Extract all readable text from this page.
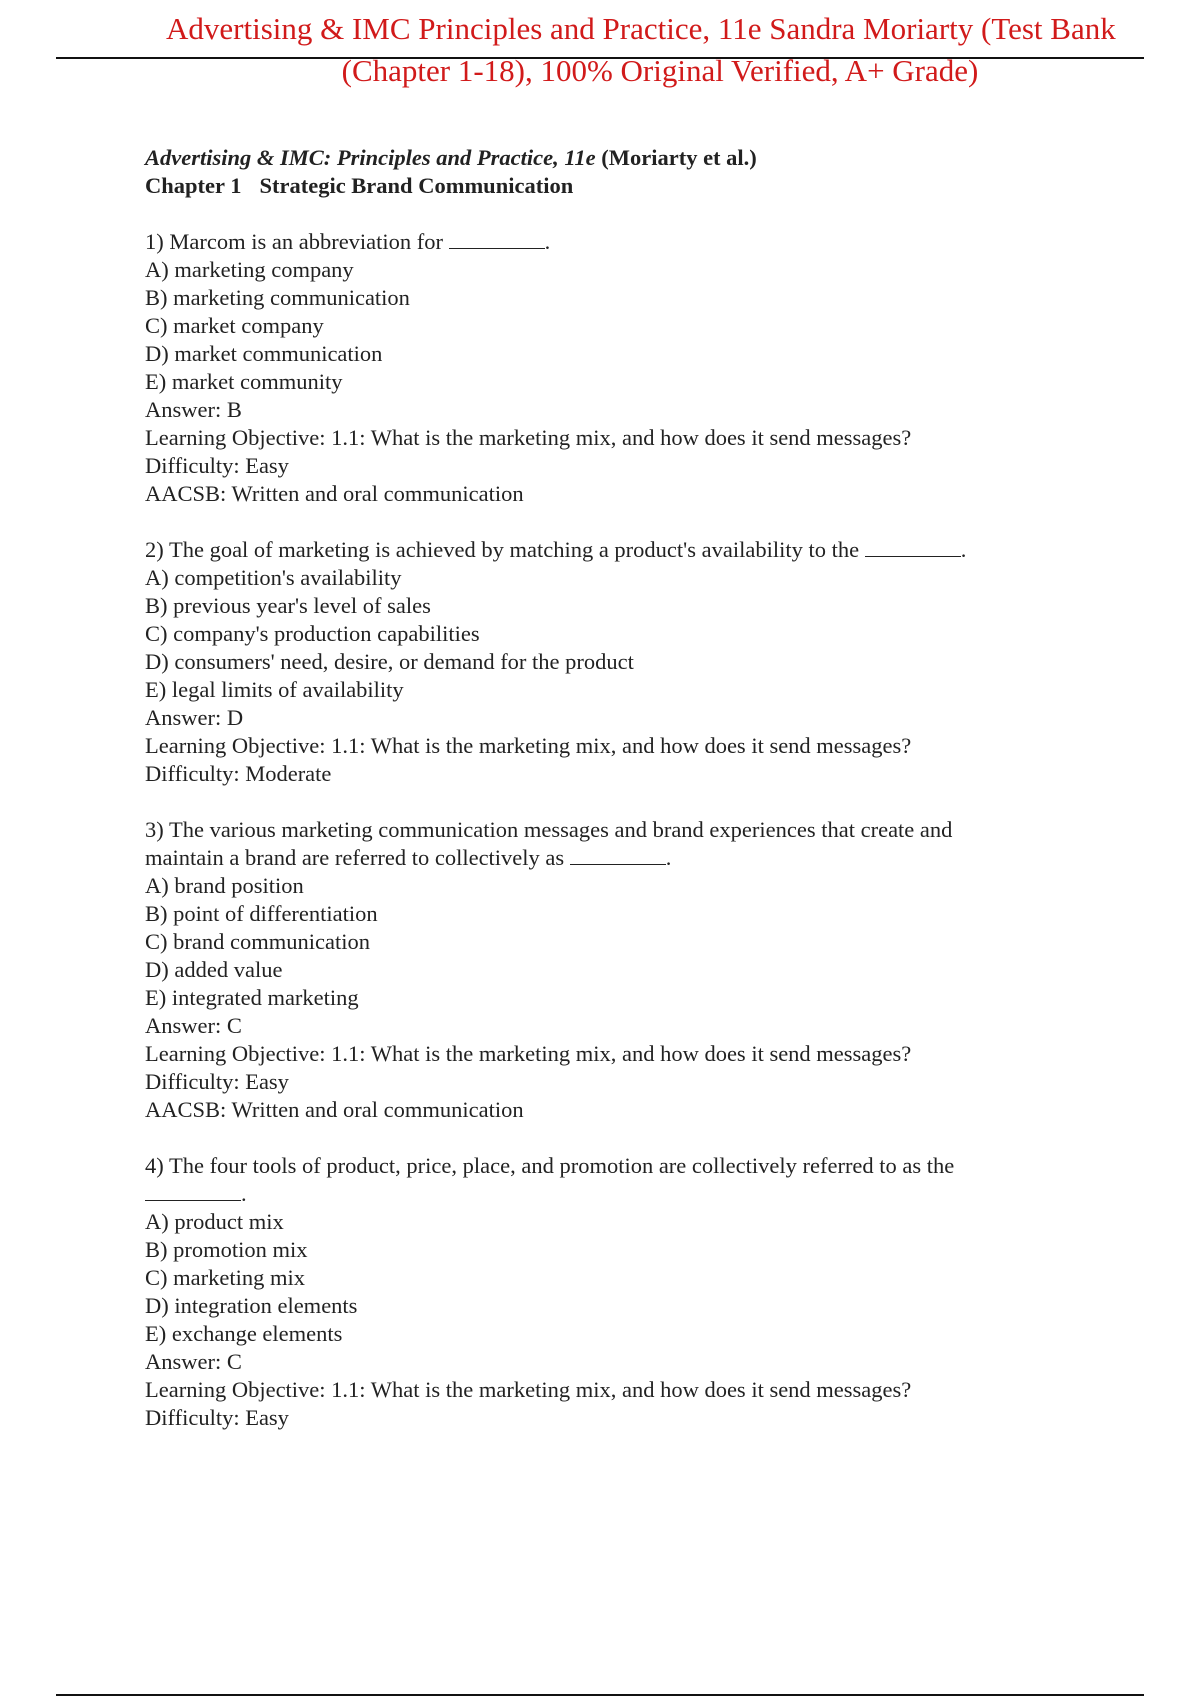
Advertising & IMC Principles and Practice, 11e Sandra Moriarty (Test Bank
(Chapter 1-18), 100% Original Verified, A+ Grade)
Advertising & IMC: Principles and Practice, 11e (Moriarty et al.)
Chapter 1 Strategic Brand Communication
1) Marcom is an abbreviation for	.
A) marketing company
B) marketing communication
C) market company
D) market communication
E) market community
Answer: B
Learning Objective: 1.1: What is the marketing mix, and how does it send messages?
Difficulty: Easy
AACSB: Written and oral communication
2) The goal of marketing is achieved by matching a product's availability to the	.
A) competition's availability
B) previous year's level of sales
C) company's production capabilities
D) consumers' need, desire, or demand for the product
E) legal limits of availability
Answer: D
Learning Objective: 1.1: What is the marketing mix, and how does it send messages?
Difficulty: Moderate
3) The various marketing communication messages and brand experiences that create and
maintain a brand are referred to collectively as	.
A) brand position
B) point of differentiation
C) brand communication
D) added value
E) integrated marketing
Answer: C
Learning Objective: 1.1: What is the marketing mix, and how does it send messages?
Difficulty: Easy
AACSB: Written and oral communication
4) The four tools of product, price, place, and promotion are collectively referred to as the
.
A) product mix
B) promotion mix
C) marketing mix
D) integration elements
E) exchange elements
Answer: C
Learning Objective: 1.1: What is the marketing mix, and how does it send messages?
Difficulty: Easy
